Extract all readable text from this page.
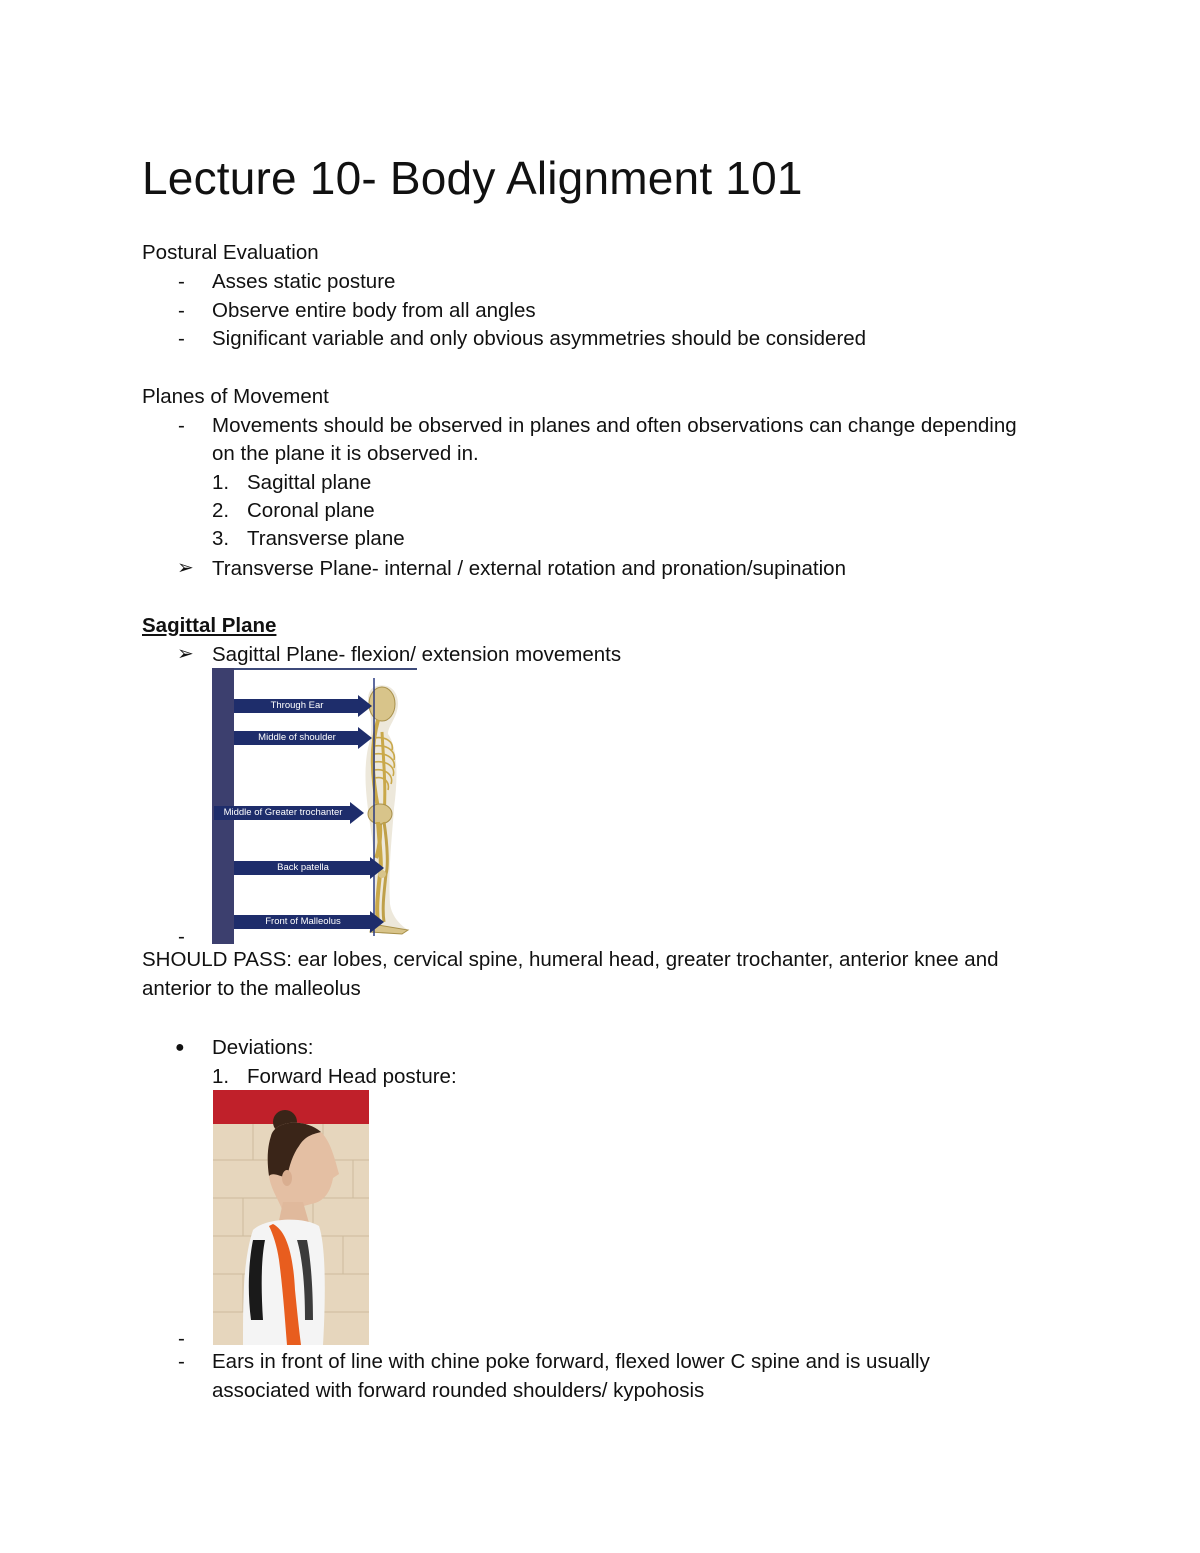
Lecture 10- Body Alignment 101
Postural Evaluation
-	Asses static posture
-	Observe entire body from all angles
-	Significant variable and only obvious asymmetries should be considered
Planes of Movement
-	Movements should be observed in planes and often observations can change depending
on the plane it is observed in.
1. Sagittal plane
2. Coronal plane
3. Transverse plane
➢ Transverse Plane- internal / external rotation and pronation/supination
Sagittal Plane
➢ Sagittal Plane- flexion/ extension movements
Through Ear
Middle of shoulder
Middle of Greater trochanter
Back patella
Front of Malleolus
-
SHOULD PASS: ear lobes, cervical spine, humeral head, greater trochanter, anterior knee and
anterior to the malleolus
● Deviations:
1. Forward Head posture:
-
-	Ears in front of line with chine poke forward, flexed lower C spine and is usually
associated with forward rounded shoulders/ kypohosis
